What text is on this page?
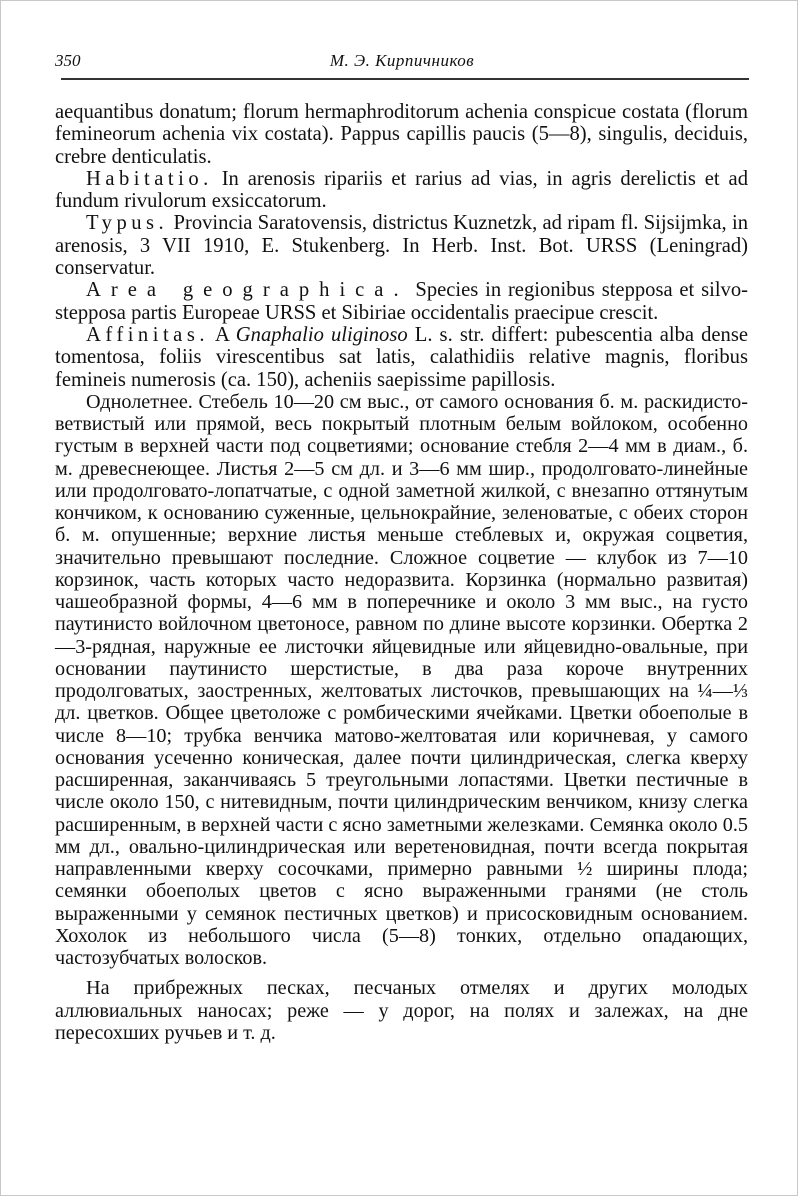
350	М. Э. Кирпичников

aequantibus donatum; florum hermaphroditorum achenia conspicue costata (florum femineorum achenia vix costata). Pappus capillis paucis (5—8), singulis, deciduis, crebre denticulatis.

Habitatio. In arenosis ripariis et rarius ad vias, in agris derelictis et ad fundum rivulorum exsiccatorum.

Typus. Provincia Saratovensis, districtus Kuznetzk, ad ripam fl. Sijsijmka, in arenosis, 3 VII 1910, E. Stukenberg. In Herb. Inst. Bot. URSS (Leningrad) conservatur.

Area geographica. Species in regionibus stepposa et silvo-stepposa partis Europeae URSS et Sibiriae occidentalis praecipue crescit.

Affinitas. A Gnaphalio uliginoso L. s. str. differt: pubescentia alba dense tomentosa, foliis virescentibus sat latis, calathidiis relative magnis, floribus femineis numerosis (ca. 150), acheniis saepissime papillosis.

Однолетнее. Стебель 10—20 см выс., от самого основания б. м. раскидисто-ветвистый или прямой, весь покрытый плотным белым войлоком, особенно густым в верхней части под соцветиями; основание стебля 2—4 мм в диам., б. м. древеснеющее. Листья 2—5 см дл. и 3—6 мм шир., продолговато-линейные или продолговато-лопатчатые, с одной заметной жилкой, с внезапно оттянутым кончиком, к основанию суженные, цельнокрайние, зеленоватые, с обеих сторон б. м. опушенные; верхние листья меньше стеблевых и, окружая соцветия, значительно превышают последние. Сложное соцветие — клубок из 7—10 корзинок, часть которых часто недоразвита. Корзинка (нормально развитая) чашеобразной формы, 4—6 мм в поперечнике и около 3 мм выс., на густо паутинисто войлочном цветоносе, равном по длине высоте корзинки. Обертка 2—3-рядная, наружные ее листочки яйцевидные или яйцевидно-овальные, при основании паутинисто шерстистые, в два раза короче внутренних продолговатых, заостренных, желтоватых листочков, превышающих на ¼—⅓ дл. цветков. Общее цветоложе с ромбическими ячейками. Цветки обоеполые в числе 8—10; трубка венчика матово-желтоватая или коричневая, у самого основания усеченно коническая, далее почти цилиндрическая, слегка кверху расширенная, заканчиваясь 5 треугольными лопастями. Цветки пестичные в числе около 150, с нитевидным, почти цилиндрическим венчиком, книзу слегка расширенным, в верхней части с ясно заметными железками. Семянка около 0.5 мм дл., овально-цилиндрическая или веретеновидная, почти всегда покрытая направленными кверху сосочками, примерно равными ½ ширины плода; семянки обоеполых цветов с ясно выраженными гранями (не столь выраженными у семянок пестичных цветков) и присосковидным основанием. Хохолок из небольшого числа (5—8) тонких, отдельно опадающих, частозубчатых волосков.

На прибрежных песках, песчаных отмелях и других молодых аллювиальных наносах; реже — у дорог, на полях и залежах, на дне пересохших ручьев и т. д.
